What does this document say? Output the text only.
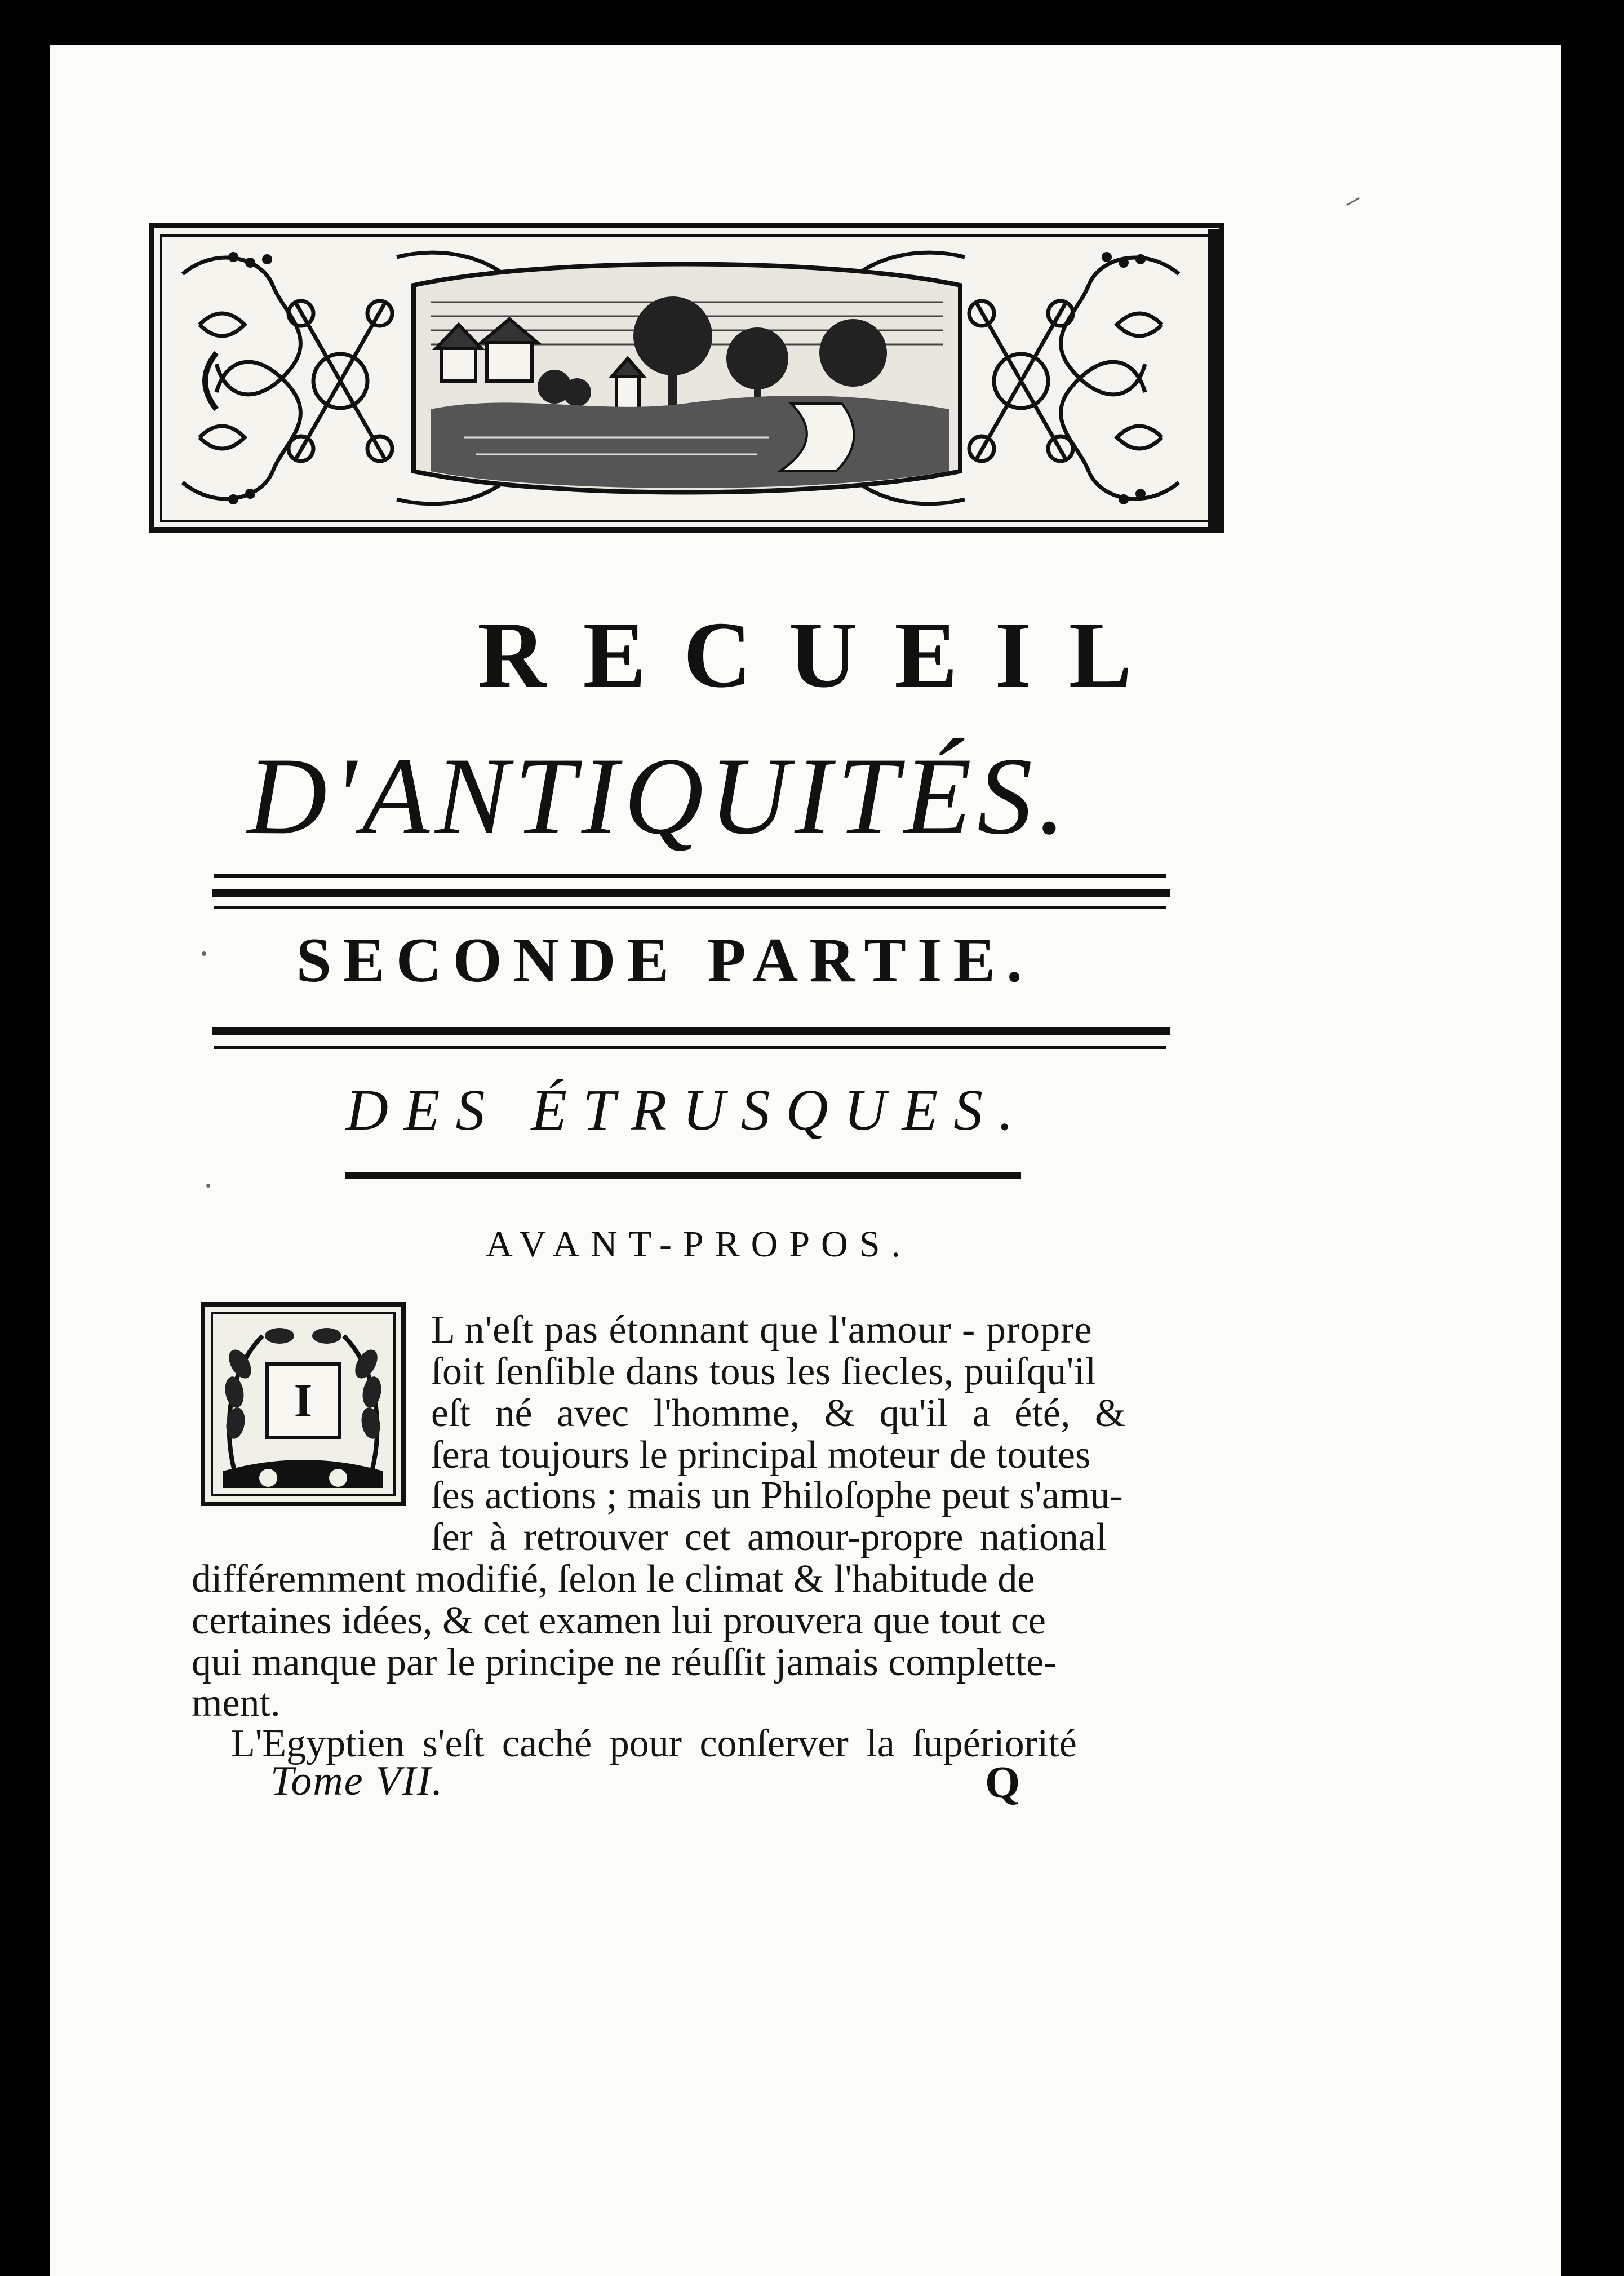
RECUEIL
D'ANTIQUITÉS.
SECONDE PARTIE.
DES ÉTRUSQUES.
AVANT-PROPOS.
I
L n'eſt pas étonnant que l'amour - propre
ſoit ſenſible dans tous les ſiecles, puiſqu'il
eſt né avec l'homme, & qu'il a été, &
ſera toujours le principal moteur de toutes
ſes actions ; mais un Philoſophe peut s'amu-
ſer à retrouver cet amour-propre national
différemment modifié, ſelon le climat & l'habitude de
certaines idées, & cet examen lui prouvera que tout ce
qui manque par le principe ne réuſſit jamais complette-
ment.
L'Egyptien s'eſt caché pour conſerver la ſupériorité
Tome VII.	Q
